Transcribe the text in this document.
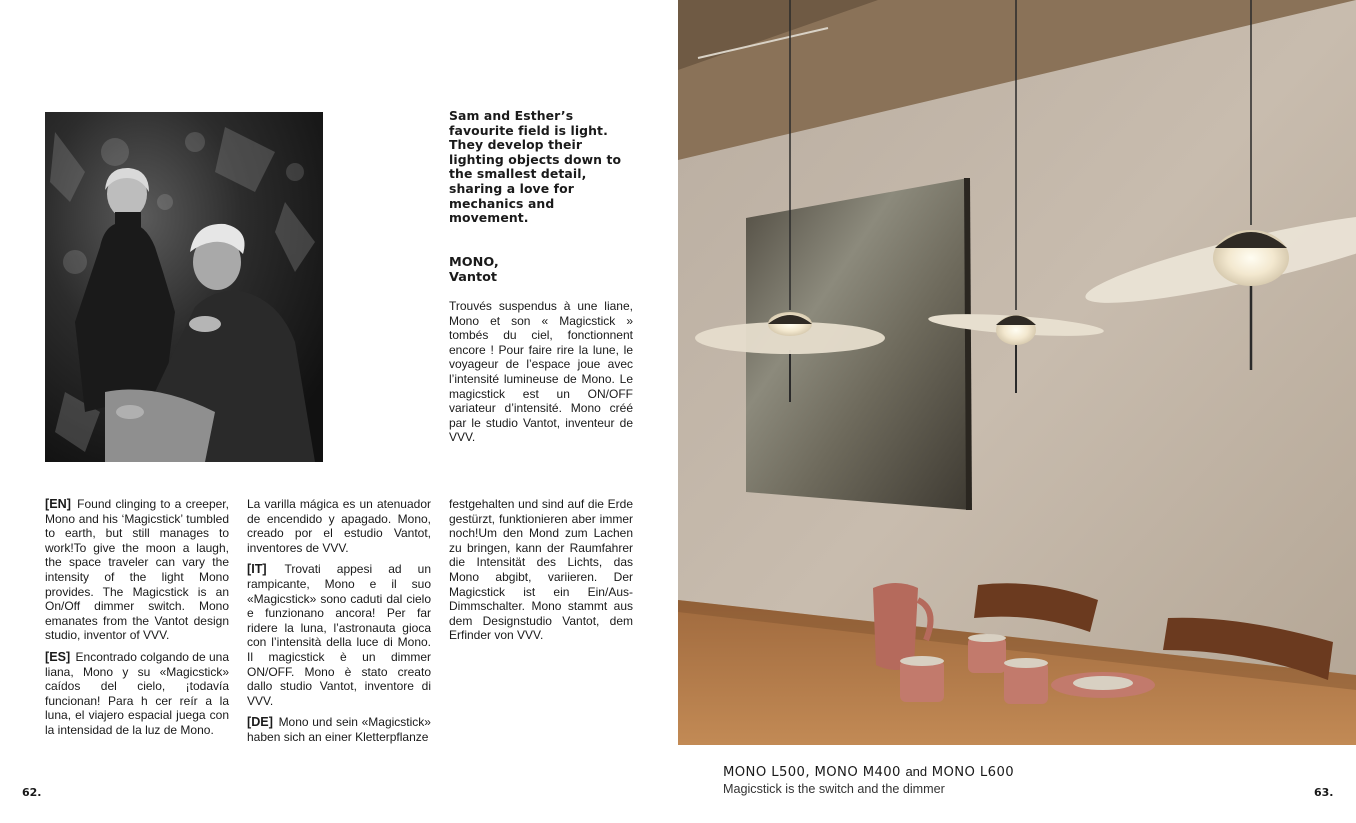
Sam and Esther’s favourite field is light. They develop their lighting objects down to the smallest detail, sharing a love for mechanics and movement.

MONO,
Vantot

Trouvés suspendus à une liane, Mono et son « Magicstick » tombés du ciel, fonctionnent encore ! Pour faire rire la lune, le voyageur de l’espace joue avec l’intensité lumineuse de Mono. Le magicstick est un ON/OFF variateur d’intensité. Mono créé par le studio Vantot, inventeur de VVV.

[EN] Found clinging to a creeper, Mono and his ‘Magicstick’ tumbled to earth, but still manages to work!To give the moon a laugh, the space traveler can vary the intensity of the light Mono provides. The Magicstick is an On/Off dimmer switch. Mono emanates from the Vantot design studio, inventor of VVV.

[ES] Encontrado colgando de una liana, Mono y su «Magicstick» caídos del cielo, ¡todavía funcionan! Para h cer reír a la luna, el viajero espacial juega con la intensidad de la luz de Mono.

La varilla mágica es un atenuador de encendido y apagado. Mono, creado por el estudio Vantot, inventores de VVV.

[IT] Trovati appesi ad un rampicante, Mono e il suo «Magicstick» sono caduti dal cielo e funzionano ancora! Per far ridere la luna, l’astronauta gioca con l’intensità della luce di Mono. Il magicstick è un dimmer ON/OFF. Mono è stato creato dallo studio Vantot, inventore di VVV.

[DE] Mono und sein «Magicstick» haben sich an einer Kletterpflanze

festgehalten und sind auf die Erde gestürzt, funktionieren aber immer noch!Um den Mond zum Lachen zu bringen, kann der Raumfahrer die Intensität des Lichts, das Mono abgibt, variieren. Der Magicstick ist ein Ein/Aus-Dimmschalter. Mono stammt aus dem Designstudio Vantot, dem Erfinder von VVV.

62.
MONO L500, MONO M400 and MONO L600
Magicstick is the switch and the dimmer	63.
